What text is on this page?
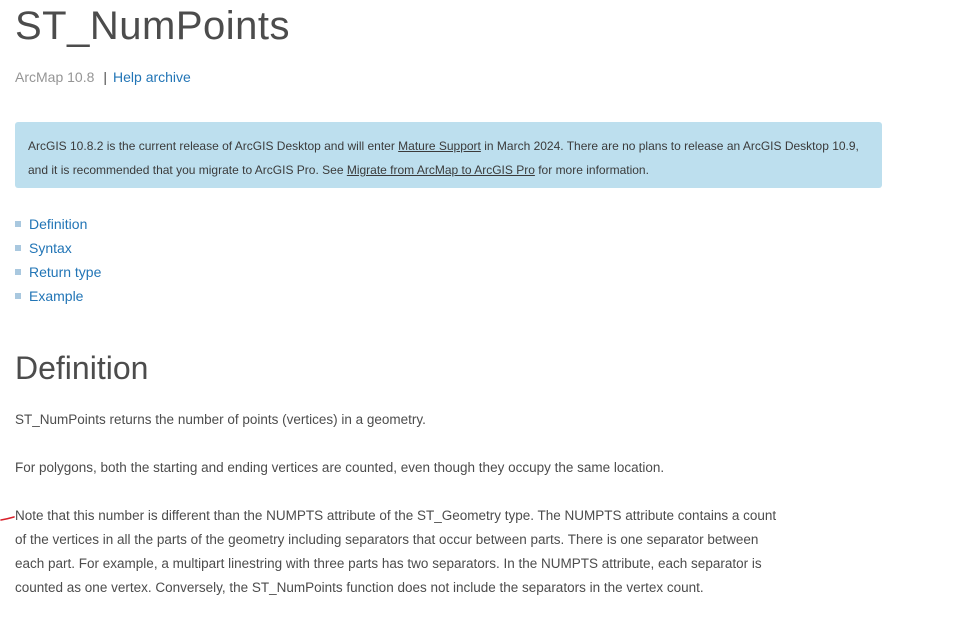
ST_NumPoints
ArcMap 10.8 | Help archive
ArcGIS 10.8.2 is the current release of ArcGIS Desktop and will enter Mature Support in March 2024. There are no plans to release an ArcGIS Desktop 10.9, and it is recommended that you migrate to ArcGIS Pro. See Migrate from ArcMap to ArcGIS Pro for more information.
Definition
Syntax
Return type
Example
Definition

ST_NumPoints returns the number of points (vertices) in a geometry.

For polygons, both the starting and ending vertices are counted, even though they occupy the same location.

Note that this number is different than the NUMPTS attribute of the ST_Geometry type. The NUMPTS attribute contains a count of the vertices in all the parts of the geometry including separators that occur between parts. There is one separator between each part. For example, a multipart linestring with three parts has two separators. In the NUMPTS attribute, each separator is counted as one vertex. Conversely, the ST_NumPoints function does not include the separators in the vertex count.
